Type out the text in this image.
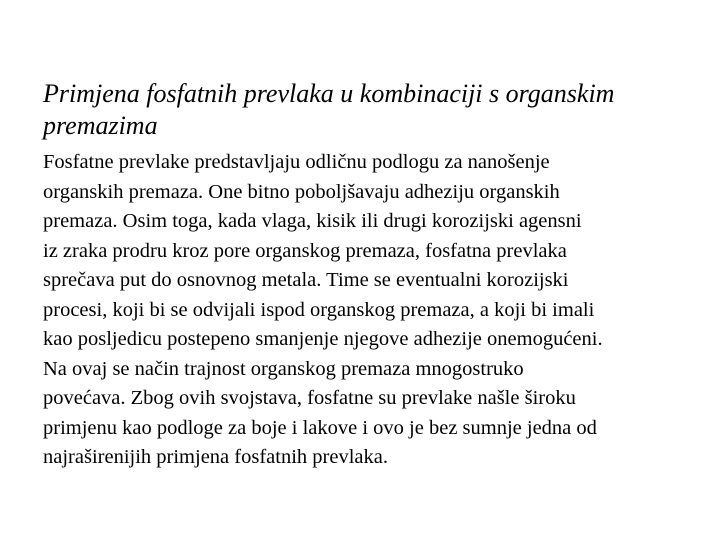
Primjena fosfatnih prevlaka u kombinaciji s organskim
premazima
Fosfatne prevlake predstavljaju odličnu podlogu za nanošenje
organskih premaza. One bitno poboljšavaju adheziju organskih
premaza. Osim toga, kada vlaga, kisik ili drugi korozijski agensni
iz zraka prodru kroz pore organskog premaza, fosfatna prevlaka
sprečava put do osnovnog metala. Time se eventualni korozijski
procesi, koji bi se odvijali ispod organskog premaza, a koji bi imali
kao posljedicu postepeno smanjenje njegove adhezije onemogućeni.
Na ovaj se način trajnost organskog premaza mnogostruko
povećava. Zbog ovih svojstava, fosfatne su prevlake našle široku
primjenu kao podloge za boje i lakove i ovo je bez sumnje jedna od
najraširenijih primjena fosfatnih prevlaka.
